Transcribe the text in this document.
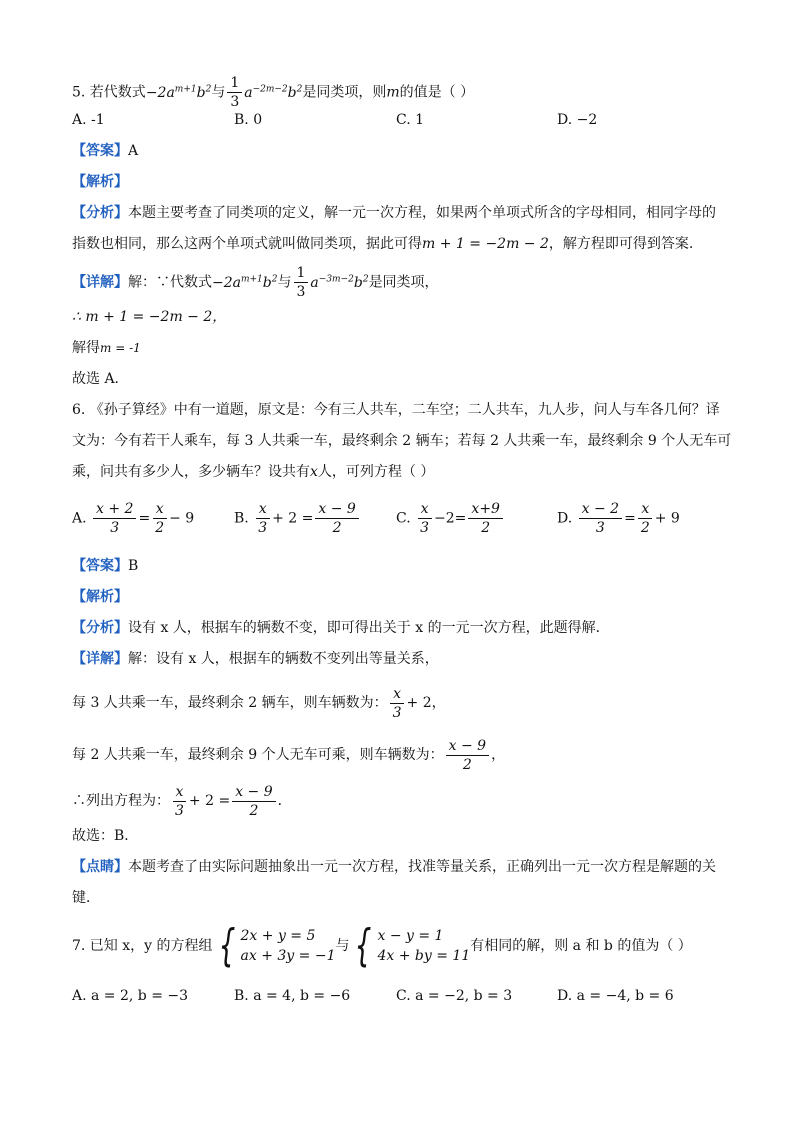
5. 若代数式$-2a^{m+1}b^2$与 $\frac{1}{3} a^{-2m-2}b^2$是同类项，则m的值是（ ）
A. -1	B. 0	C. 1	D. −2
【答案】A
【解析】
【分析】本题主要考查了同类项的定义，解一元一次方程，如果两个单项式所含的字母相同，相同字母的
指数也相同，那么这两个单项式就叫做同类项，据此可得m + 1 = −2m − 2，解方程即可得到答案.
【详解】解：∵代数式$-2a^{m+1}b^2$与 $\frac{1}{3} a^{-3m-2}b^2$是同类项，
∴ m + 1 = −2m − 2，
解得m = -1
故选 A．
6. 《孙子算经》中有一道题，原文是：今有三人共车，二车空；二人共车，九人步，问人与车各几何？译
文为：今有若干人乘车，每 3 人共乘一车，最终剩余 2 辆车；若每 2 人共乘一车，最终剩余 9 个人无车可
乘，问共有多少人，多少辆车？设共有x人，可列方程（ ）
A. $\frac{x + 2}{3} = \frac{x}{2} - 9$	B. $\frac{x}{3} + 2 = \frac{x - 9}{2}$	C. $\frac{x}{3} -2= \frac{x+9}{2}$	D. $\frac{x - 2}{3} = \frac{x}{2} + 9$
【答案】B
【解析】
【分析】设有 x 人，根据车的辆数不变，即可得出关于 x 的一元一次方程，此题得解．
【详解】解：设有 x 人，根据车的辆数不变列出等量关系，
每 3 人共乘一车，最终剩余 2 辆车，则车辆数为： $\frac{x}{3} + 2$，
每 2 人共乘一车，最终剩余 9 个人无车可乘，则车辆数为： $\frac{x - 9}{2}$ ，
∴列出方程为： $\frac{x}{3} + 2 = \frac{x - 9}{2}$ ．
故选：B．
【点睛】本题考查了由实际问题抽象出一元一次方程，找准等量关系，正确列出一元一次方程是解题的关
键．
7. 已知 x，y 的方程组 { 2x + y = 5
ax + 3y = −1
与 { x − y = 1
4x + by = 11
有相同的解，则 a 和 b 的值为（ ）
A. a = 2, b = −3	B. a = 4, b = −6	C. a = −2, b = 3	D. a = −4, b = 6
